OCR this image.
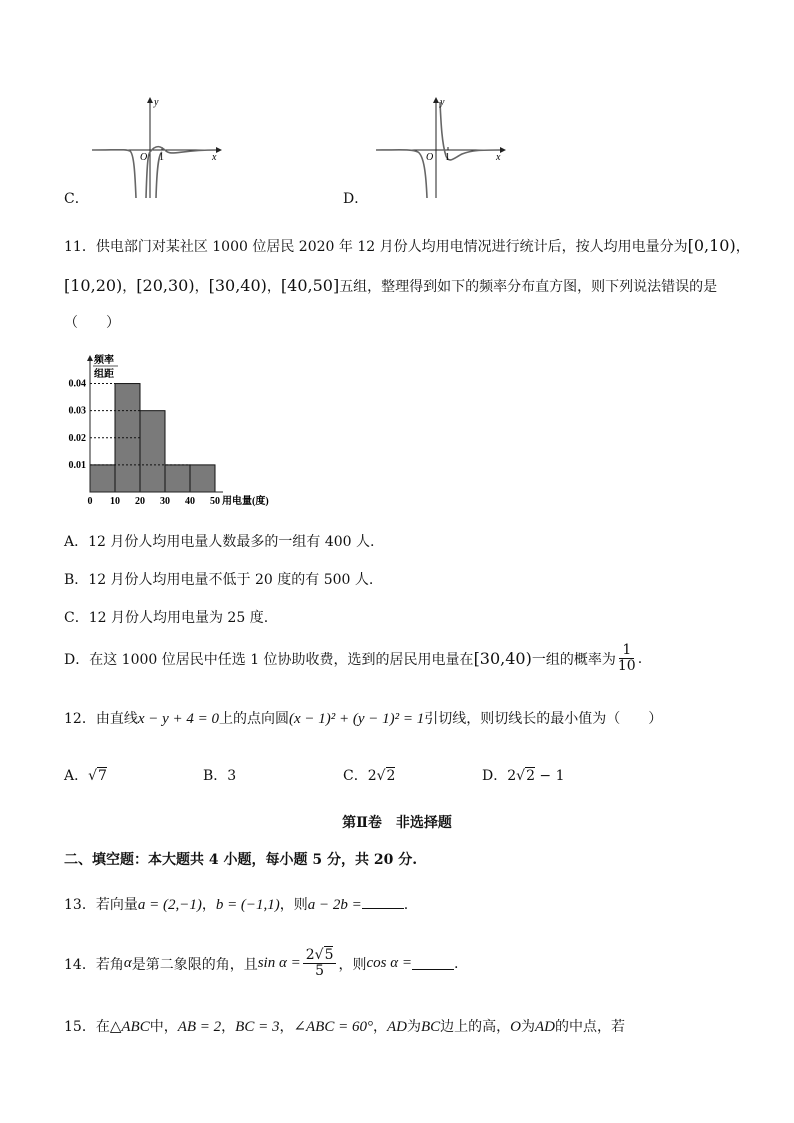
y
x
O 1
C．
y
x
O 1
D．
11．供电部门对某社区 1000 位居民 2020 年 12 月份人均用电情况进行统计后，按人均用电量分为[0,10)，
[10,20)，[20,30)，[30,40)，[40,50]五组，整理得到如下的频率分布直方图，则下列说法错误的是
（　　）
频率
组距
0.01
0.02
0.03
0.04
0 10 20 30 40 50 用电量(度)
A．12 月份人均用电量人数最多的一组有 400 人.
B．12 月份人均用电量不低于 20 度的有 500 人.
C．12 月份人均用电量为 25 度.
D．在这 1000 位居民中任选 1 位协助收费，选到的居民用电量在 [30,40) 一组的概率为 $\frac{1}{10}$ .
12．由直线x − y + 4 = 0上的点向圆(x − 1)² + (y − 1)² = 1引切线，则切线长的最小值为（　　）
A．√7	B．3	C．2√2	D．2√2 − 1
第Ⅱ卷　非选择题
二、填空题：本大题共 4 小题，每小题 5 分，共 20 分.
13．若向量a = (2,−1)，b = (−1,1)，则a − 2b =	.
14． 若角 α 是第二象限的角，且 $\sin \alpha = \frac{2√5}{5}$ ，则 cos α =	.
15．在△ABC中，AB = 2，BC = 3，∠ABC = 60°，AD为BC边上的高，O为AD的中点，若
